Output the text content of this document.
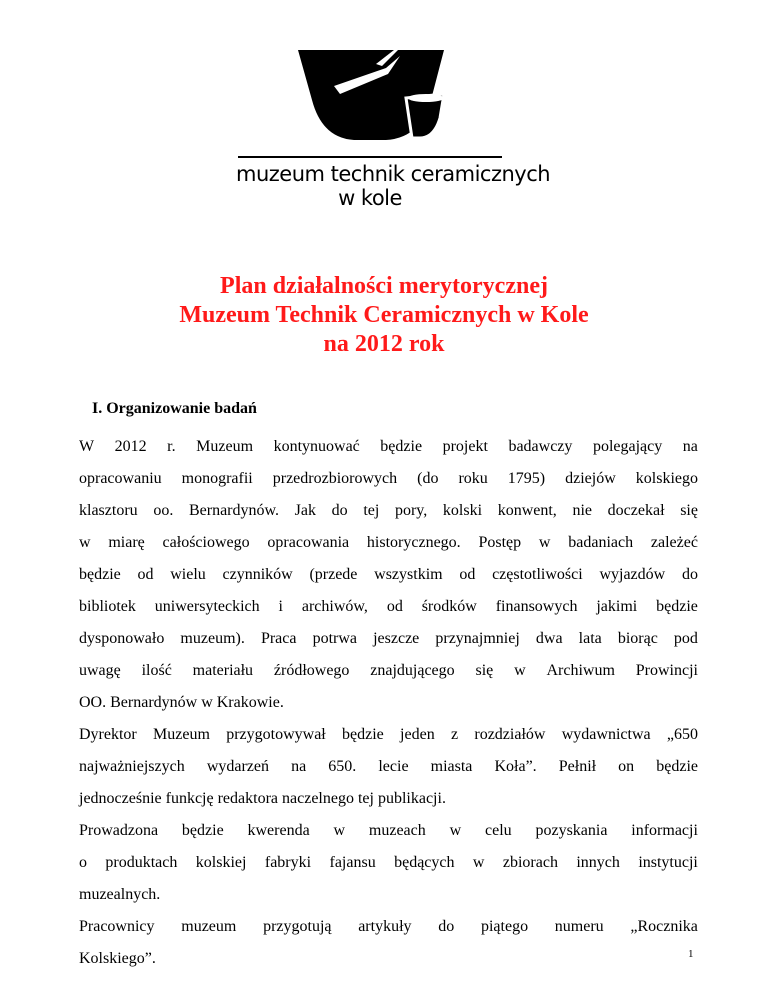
muzeum technik ceramicznych
w kole
Plan działalności merytorycznej
Muzeum Technik Ceramicznych w Kole
na 2012 rok
I. Organizowanie badań
W 2012 r. Muzeum kontynuować będzie projekt badawczy polegający na
opracowaniu monografii przedrozbiorowych (do roku 1795) dziejów kolskiego
klasztoru oo. Bernardynów. Jak do tej pory, kolski konwent, nie doczekał się
w miarę całościowego opracowania historycznego. Postęp w badaniach zależeć
będzie od wielu czynników (przede wszystkim od częstotliwości wyjazdów do
bibliotek uniwersyteckich i archiwów, od środków finansowych jakimi będzie
dysponowało muzeum). Praca potrwa jeszcze przynajmniej dwa lata biorąc pod
uwagę ilość materiału źródłowego znajdującego się w Archiwum Prowincji
OO. Bernardynów w Krakowie.
Dyrektor Muzeum przygotowywał będzie jeden z rozdziałów wydawnictwa „650
najważniejszych wydarzeń na 650. lecie miasta Koła”. Pełnił on będzie
jednocześnie funkcję redaktora naczelnego tej publikacji.
Prowadzona będzie kwerenda w muzeach w celu pozyskania informacji
o produktach kolskiej fabryki fajansu będących w zbiorach innych instytucji
muzealnych.
Pracownicy muzeum przygotują artykuły do piątego numeru „Rocznika
Kolskiego”.	1
